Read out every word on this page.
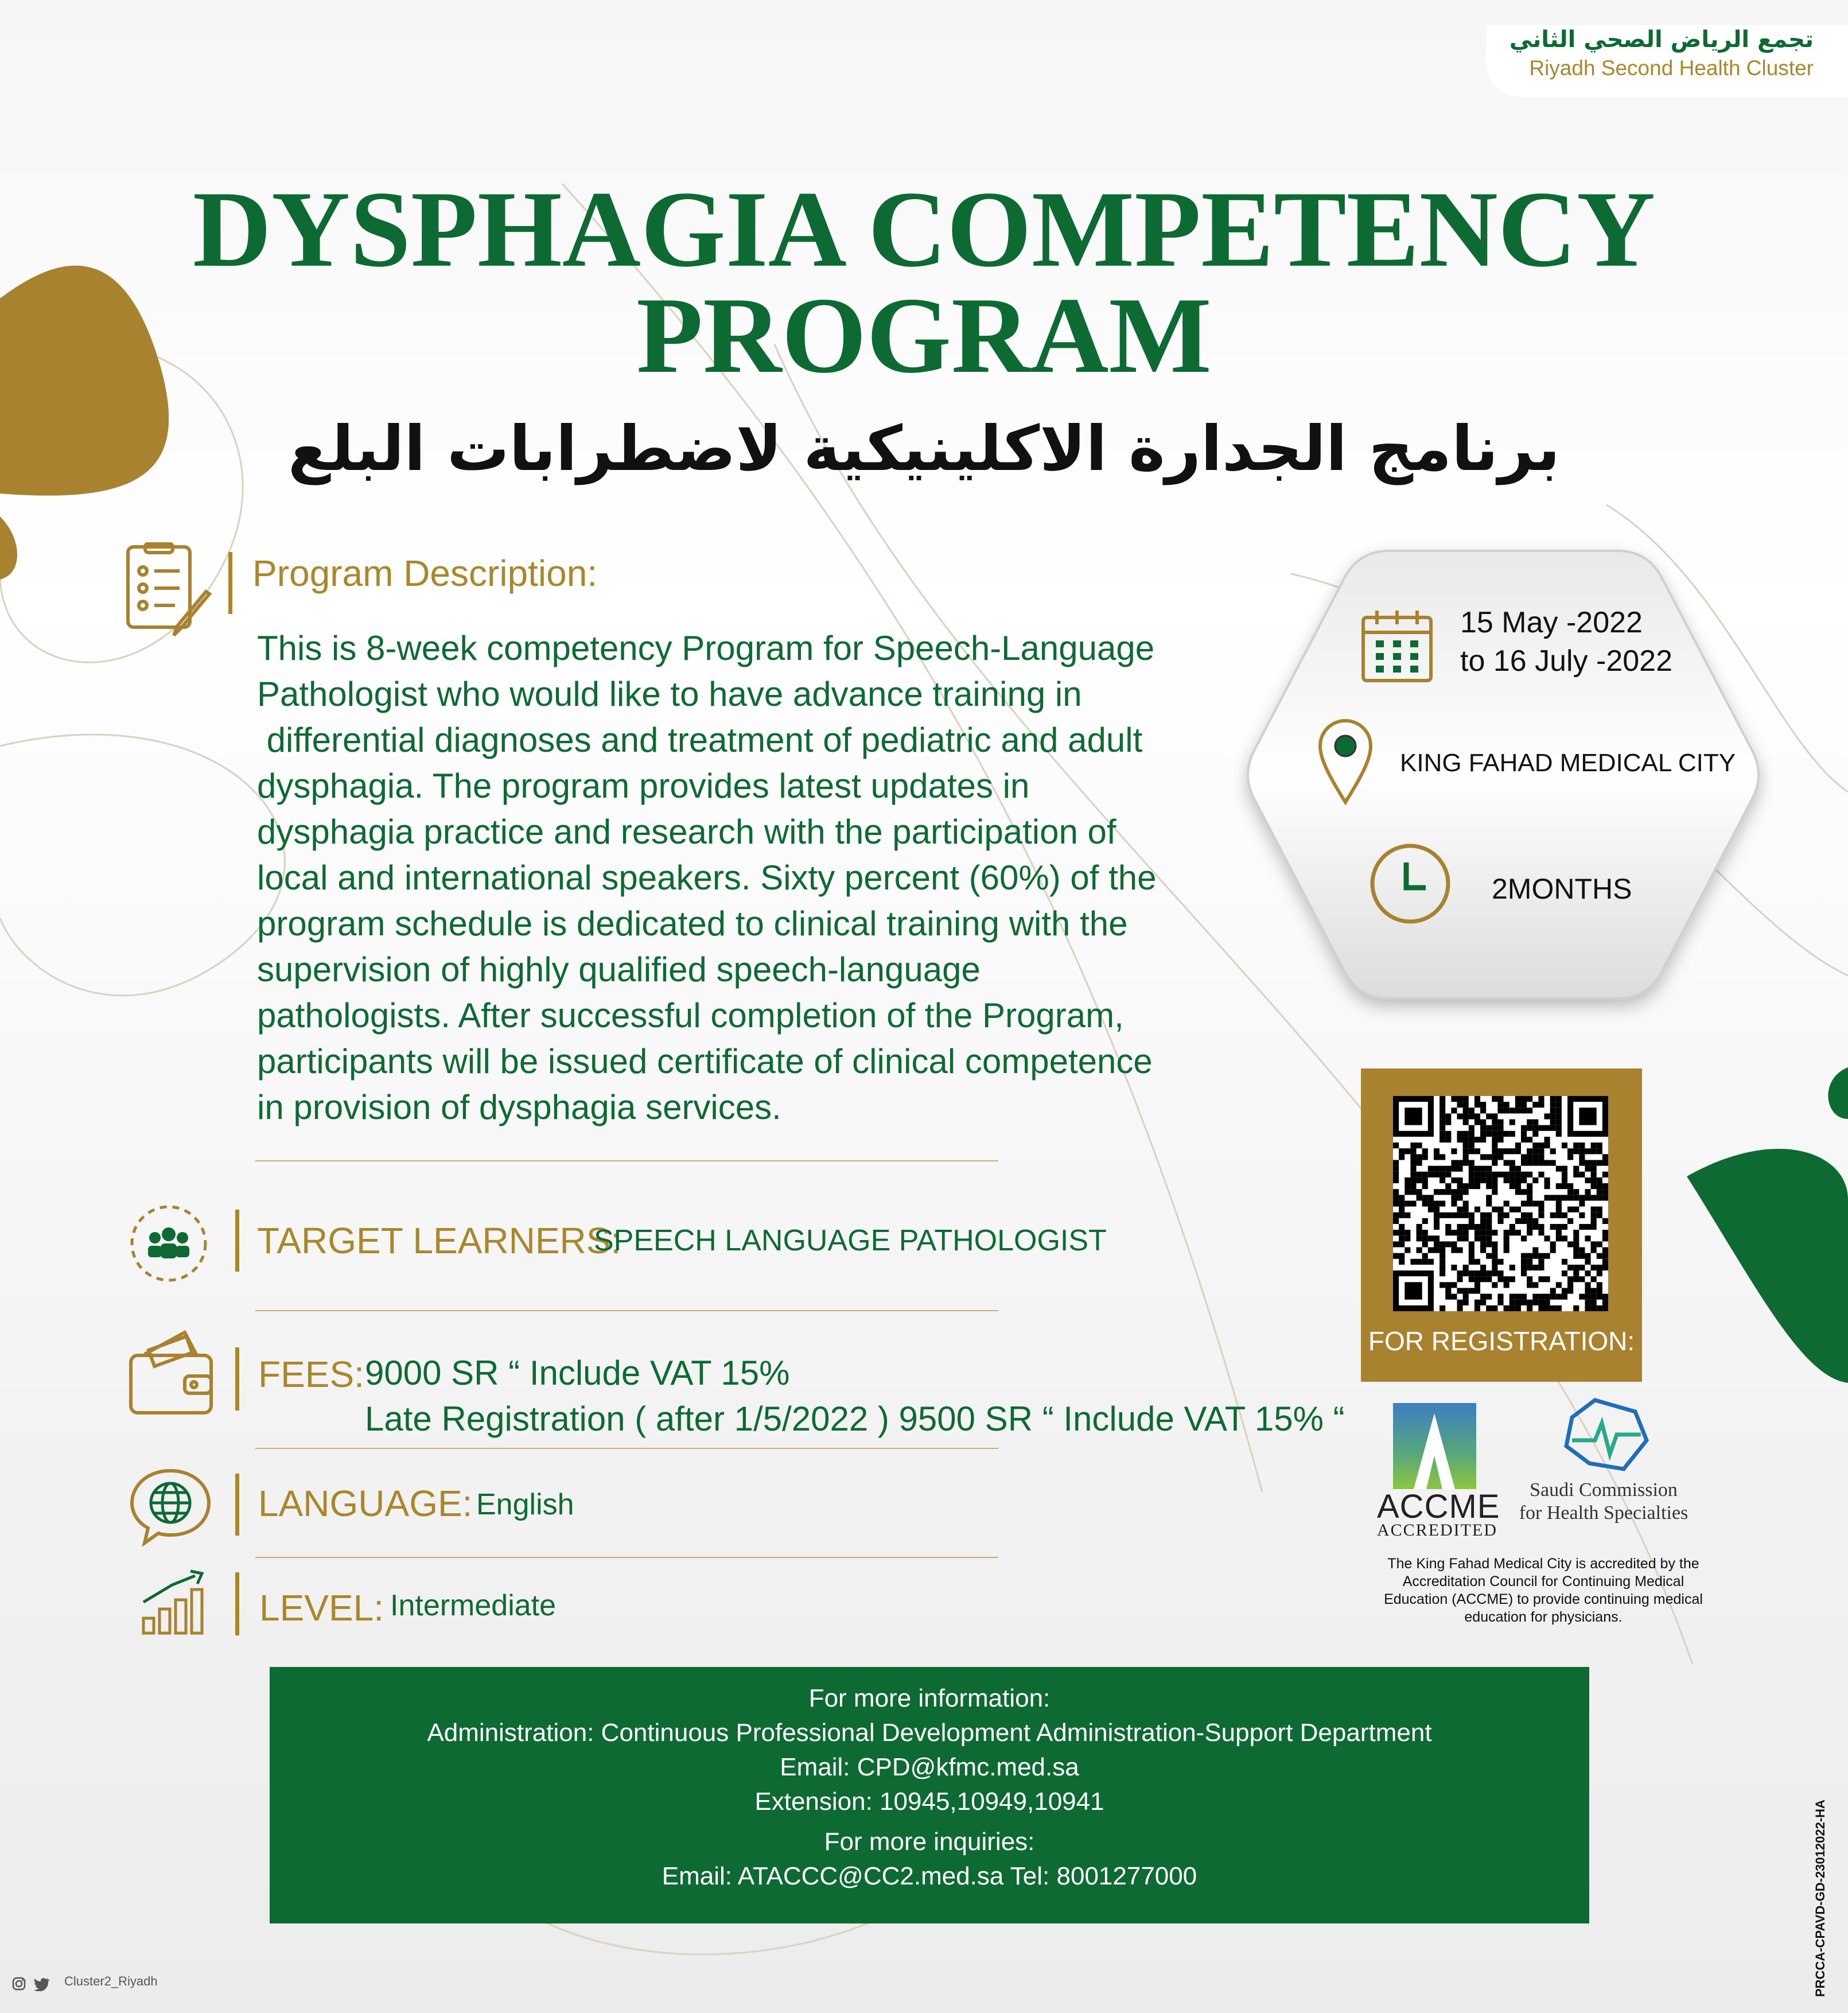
تجمع الرياض الصحي الثاني
Riyadh Second Health Cluster
DYSPHAGIA COMPETENCY
PROGRAM
برنامج الجدارة الاكلينيكية لاضطرابات البلع
Program Description:
This is 8-week competency Program for Speech-Language
Pathologist who would like to have advance training in
differential diagnoses and treatment of pediatric and adult
dysphagia. The program provides latest updates in
dysphagia practice and research with the participation of
local and international speakers. Sixty percent (60%) of the
program schedule is dedicated to clinical training with the
supervision of highly qualified speech-language
pathologists. After successful completion of the Program,
participants will be issued certificate of clinical competence
in provision of dysphagia services.
TARGET LEARNERS:
SPEECH LANGUAGE PATHOLOGIST
FEES: 9000 SR “ Include VAT 15%
Late Registration ( after 1/5/2022 ) 9500 SR “ Include VAT 15% “
LANGUAGE: English
LEVEL: Intermediate
15 May -2022
to 16 July -2022
KING FAHAD MEDICAL CITY
2MONTHS
FOR REGISTRATION:
ACCME
ACCREDITED
Saudi Commission
for Health Specialties
The King Fahad Medical City is accredited by the Accreditation Council for Continuing Medical Education (ACCME) to provide continuing medical education for physicians.
For more information:
Administration: Continuous Professional Development Administration-Support Department
Email: CPD@kfmc.med.sa
Extension: 10945,10949,10941
For more inquiries:
Email: ATACCC@CC2.med.sa Tel: 8001277000
Cluster2_Riyadh	PRCCA-CPAVD-GD-23012022-HA
